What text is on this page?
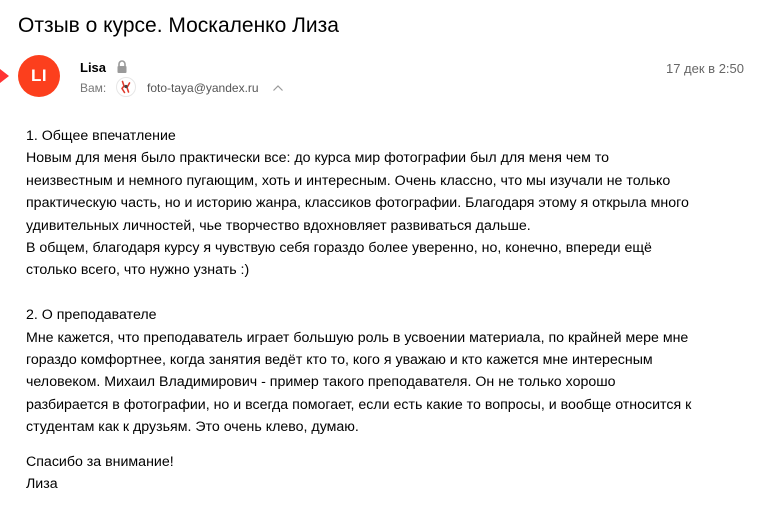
Отзыв о курсе. Москаленко Лиза
LI	Lisa
Вам:	foto-taya@yandex.ru
17 дек в 2:50

1. Общее впечатление

Новым для меня было практически все: до курса мир фотографии был для меня чем то

неизвестным и немного пугающим, хоть и интересным. Очень классно, что мы изучали не только

практическую часть, но и историю жанра, классиков фотографии. Благодаря этому я открыла много

удивительных личностей, чье творчество вдохновляет развиваться дальше.

В общем, благодаря курсу я чувствую себя гораздо более уверенно, но, конечно, впереди ещё

столько всего, что нужно узнать :)

2. О преподавателе

Мне кажется, что преподаватель играет большую роль в усвоении материала, по крайней мере мне

гораздо комфортнее, когда занятия ведёт кто то, кого я уважаю и кто кажется мне интересным

человеком. Михаил Владимирович - пример такого преподавателя. Он не только хорошо

разбирается в фотографии, но и всегда помогает, если есть какие то вопросы, и вообще относится к

студентам как к друзьям. Это очень клево, думаю.

Спасибо за внимание!

Лиза
